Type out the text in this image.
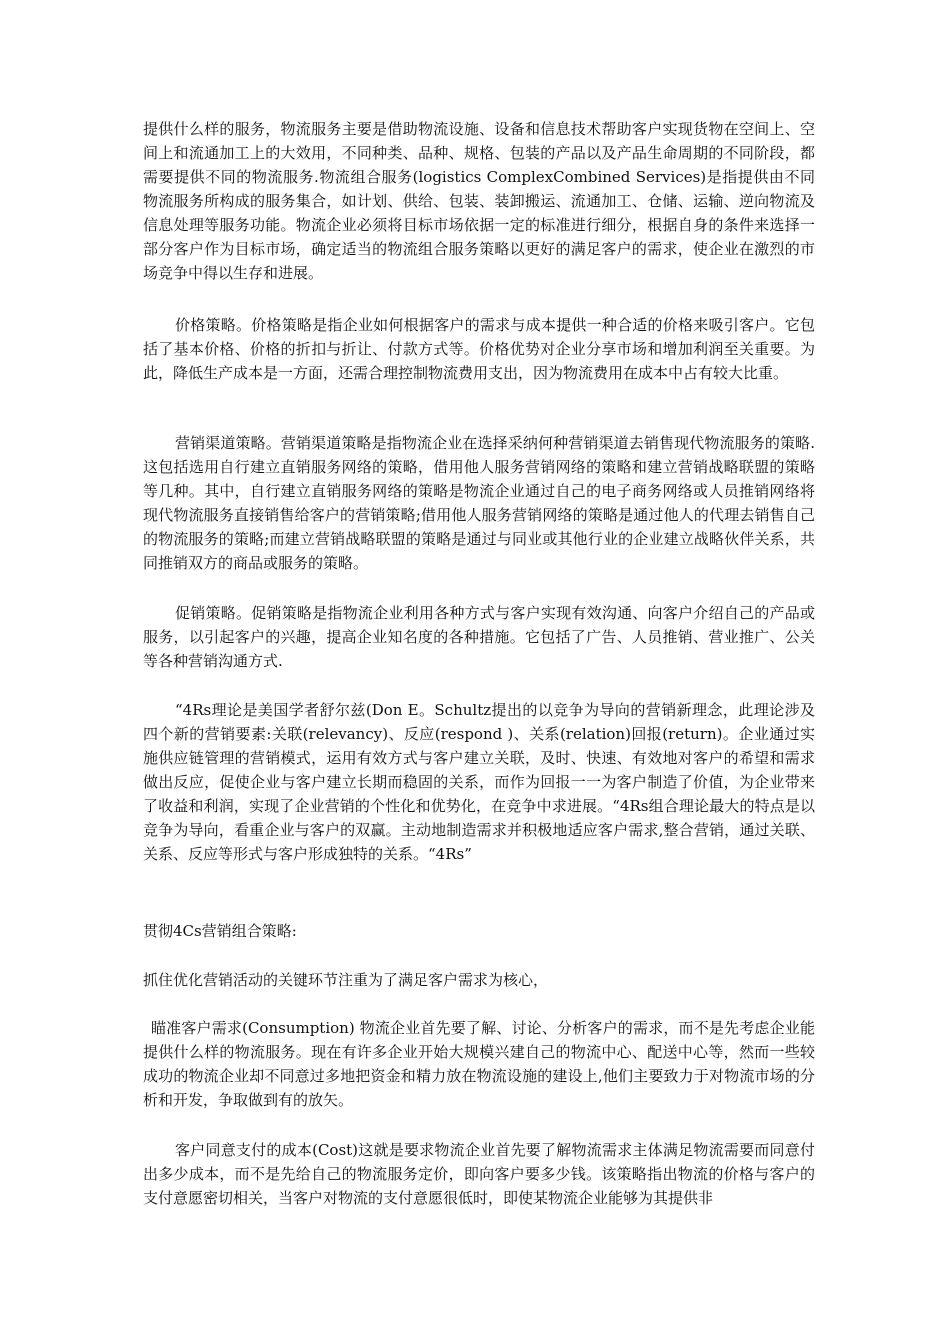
提供什么样的服务，物流服务主要是借助物流设施、设备和信息技术帮助客户实现货物在空间上、空间上和流通加工上的大效用，不同种类、品种、规格、包装的产品以及产品生命周期的不同阶段，都需要提供不同的物流服务.物流组合服务(logistics ComplexCombined Services)是指提供由不同物流服务所构成的服务集合，如计划、供给、包装、装卸搬运、流通加工、仓储、运输、逆向物流及信息处理等服务功能。物流企业必须将目标市场依据一定的标准进行细分，根据自身的条件来选择一部分客户作为目标市场，确定适当的物流组合服务策略以更好的满足客户的需求，使企业在激烈的市场竞争中得以生存和进展。

价格策略。价格策略是指企业如何根据客户的需求与成本提供一种合适的价格来吸引客户。它包括了基本价格、价格的折扣与折让、付款方式等。价格优势对企业分享市场和增加利润至关重要。为此，降低生产成本是一方面，还需合理控制物流费用支出，因为物流费用在成本中占有较大比重。

营销渠道策略。营销渠道策略是指物流企业在选择采纳何种营销渠道去销售现代物流服务的策略.这包括选用自行建立直销服务网络的策略，借用他人服务营销网络的策略和建立营销战略联盟的策略等几种。其中，自行建立直销服务网络的策略是物流企业通过自己的电子商务网络或人员推销网络将现代物流服务直接销售给客户的营销策略;借用他人服务营销网络的策略是通过他人的代理去销售自己的物流服务的策略;而建立营销战略联盟的策略是通过与同业或其他行业的企业建立战略伙伴关系，共同推销双方的商品或服务的策略。

促销策略。促销策略是指物流企业利用各种方式与客户实现有效沟通、向客户介绍自己的产品或服务，以引起客户的兴趣，提高企业知名度的各种措施。它包括了广告、人员推销、营业推广、公关等各种营销沟通方式.

“4Rs理论是美国学者舒尔兹(Don E。Schultz提出的以竞争为导向的营销新理念，此理论涉及四个新的营销要素:关联(relevancy)、反应(respond )、关系(relation)回报(return)。企业通过实施供应链管理的营销模式，运用有效方式与客户建立关联，及时、快速、有效地对客户的希望和需求做出反应，促使企业与客户建立长期而稳固的关系，而作为回报一一为客户制造了价值，为企业带来了收益和利润，实现了企业营销的个性化和优势化，在竞争中求进展。“4Rs组合理论最大的特点是以竞争为导向，看重企业与客户的双赢。主动地制造需求并积极地适应客户需求,整合营销，通过关联、关系、反应等形式与客户形成独特的关系。“4Rs”

贯彻4Cs营销组合策略:

抓住优化营销活动的关键环节注重为了满足客户需求为核心，

瞄准客户需求(Consumption) 物流企业首先要了解、讨论、分析客户的需求，而不是先考虑企业能提供什么样的物流服务。现在有许多企业开始大规模兴建自己的物流中心、配送中心等，然而一些较成功的物流企业却不同意过多地把资金和精力放在物流设施的建设上,他们主要致力于对物流市场的分析和开发，争取做到有的放矢。

客户同意支付的成本(Cost)这就是要求物流企业首先要了解物流需求主体满足物流需要而同意付出多少成本，而不是先给自己的物流服务定价，即向客户要多少钱。该策略指出物流的价格与客户的支付意愿密切相关，当客户对物流的支付意愿很低时，即使某物流企业能够为其提供非
